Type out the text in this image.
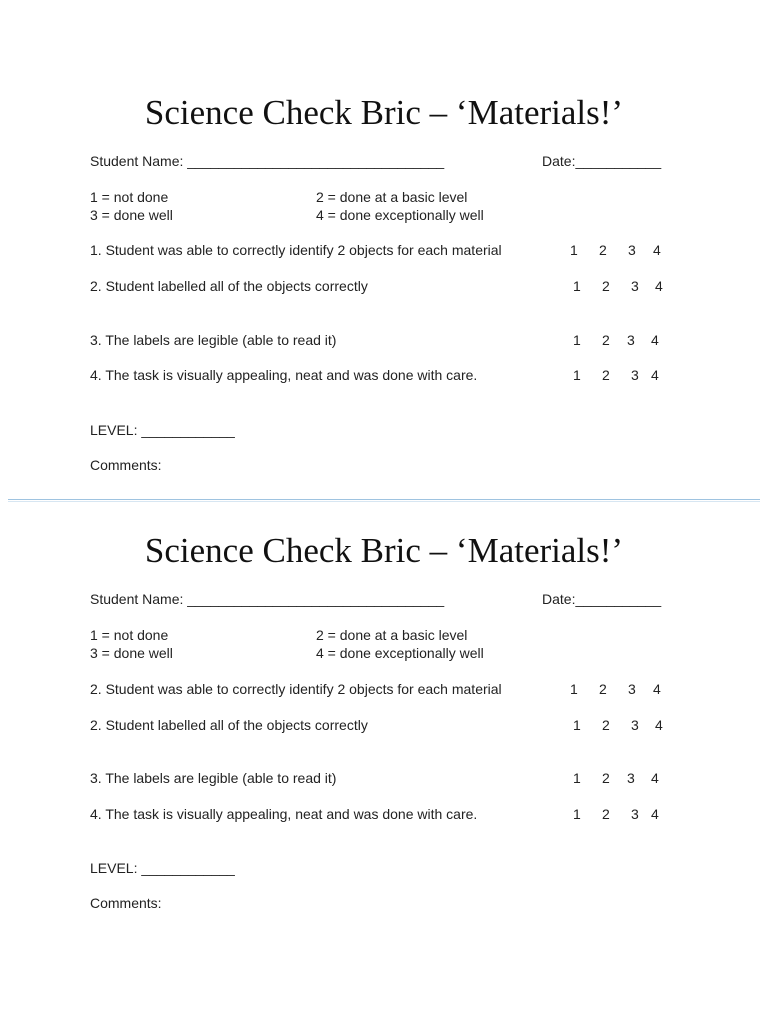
Science Check Bric – ‘Materials!’
Student Name: _________________________________	Date:___________
1 = not done	2 = done at a basic level
3 = done well	4 = done exceptionally well
1. Student was able to correctly identify 2 objects for each material	1 2 3 4
2. Student labelled all of the objects correctly	1 2 3 4
3. The labels are legible (able to read it)	1 2 3 4
4. The task is visually appealing, neat and was done with care.	1 2 3 4
LEVEL: ____________
Comments:
Science Check Bric – ‘Materials!’
Student Name: _________________________________	Date:___________
1 = not done	2 = done at a basic level
3 = done well	4 = done exceptionally well
2. Student was able to correctly identify 2 objects for each material	1 2 3 4
2. Student labelled all of the objects correctly	1 2 3 4
3. The labels are legible (able to read it)	1 2 3 4
4. The task is visually appealing, neat and was done with care.	1 2 3 4
LEVEL: ____________
Comments:
